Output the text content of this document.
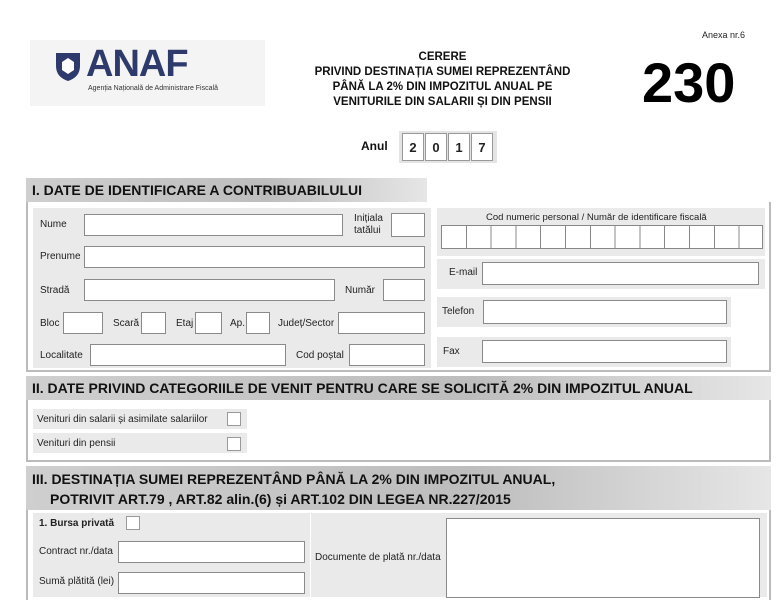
ANAF
Agenția Națională de Administrare Fiscală
CERERE
PRIVIND DESTINAȚIA SUMEI REPREZENTÂND
PÂNĂ LA 2% DIN IMPOZITUL ANUAL PE
VENITURILE DIN SALARII ȘI DIN PENSII
Anexa nr.6
230
Anul	2	0	1	7
I. DATE DE IDENTIFICARE A CONTRIBUABILULUI
Nume
Inițiala
tatălui
Prenume
Stradă	Număr
Bloc	Scară	Etaj	Ap.	Județ/Sector
Localitate	Cod poștal
Cod numeric personal / Număr de identificare fiscală
E-mail
Telefon
Fax
II. DATE PRIVIND CATEGORIILE DE VENIT PENTRU CARE SE SOLICITĂ 2% DIN IMPOZITUL ANUAL
Venituri din salarii și asimilate salariilor
Venituri din pensii
III. DESTINAȚIA SUMEI REPREZENTÂND PÂNĂ LA 2% DIN IMPOZITUL ANUAL,
POTRIVIT ART.79 , ART.82 alin.(6) și ART.102 DIN LEGEA NR.227/2015
1. Bursa privată
Contract nr./data
Sumă plătită (lei)
Documente de plată nr./data
